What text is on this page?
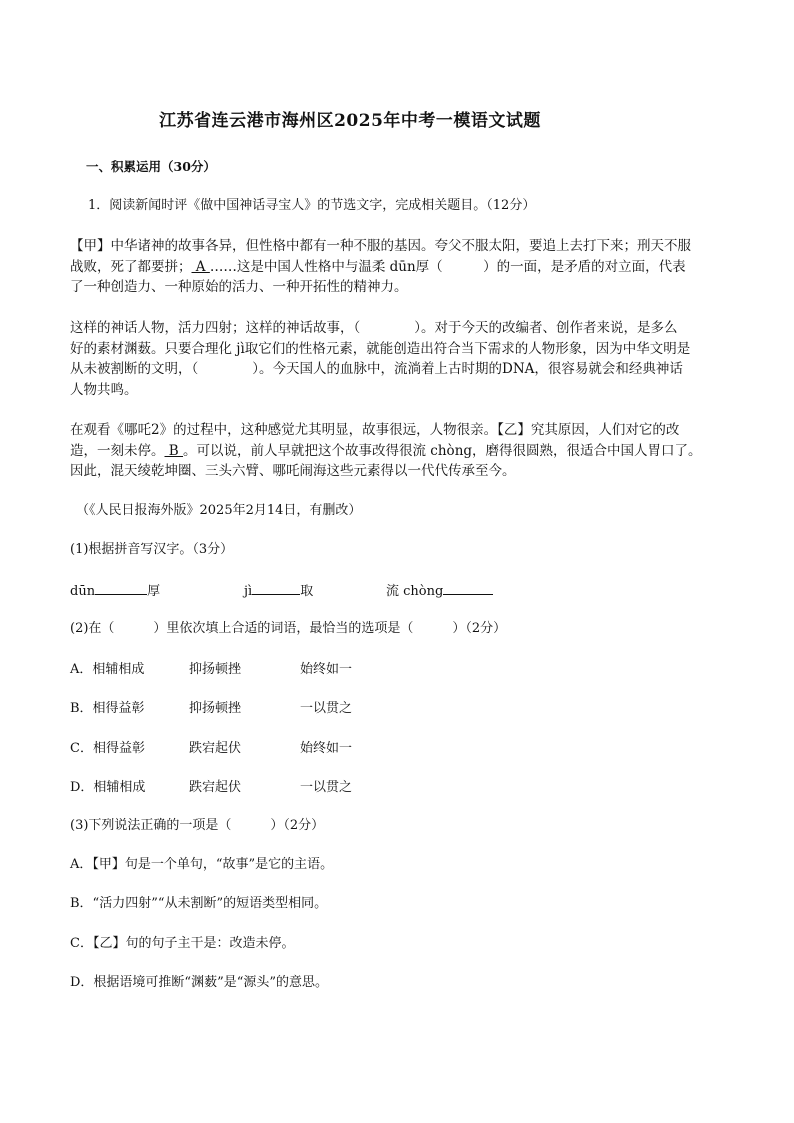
江苏省连云港市海州区2025年中考一模语文试题
一、积累运用（30分）
1．阅读新闻时评《做中国神话寻宝人》的节选文字，完成相关题目。（12分）
【甲】中华诸神的故事各异，但性格中都有一种不服的基因。夸父不服太阳，要追上去打下来；刑天不服
战败，死了都要拼； A ……这是中国人性格中与温柔 dūn厚（　　　）的一面，是矛盾的对立面，代表
了一种创造力、一种原始的活力、一种开拓性的精神力。
这样的神话人物，活力四射；这样的神话故事，（　　　　）。对于今天的改编者、创作者来说，是多么
好的素材渊薮。只要合理化 jì取它们的性格元素，就能创造出符合当下需求的人物形象，因为中华文明是
从未被割断的文明，（　　　　）。今天国人的血脉中，流淌着上古时期的DNA，很容易就会和经典神话
人物共鸣。
在观看《哪吒2》的过程中，这种感觉尤其明显，故事很远，人物很亲。【乙】究其原因，人们对它的改
造，一刻未停。 B 。可以说，前人早就把这个故事改得很流 chòng，磨得很圆熟，很适合中国人胃口了。
因此，混天绫乾坤圈、三头六臂、哪吒闹海这些元素得以一代代传承至今。
（《人民日报海外版》2025年2月14日，有删改）
(1)根据拼音写汉字。（3分）
dūn	厚	jì	取	流 chòng
(2)在（　　　）里依次填上合适的词语，最恰当的选项是（　　　）（2分）
A．相辅相成	抑扬顿挫	始终如一
B．相得益彰	抑扬顿挫	一以贯之
C．相得益彰	跌宕起伏	始终如一
D．相辅相成	跌宕起伏	一以贯之
(3)下列说法正确的一项是（　　　）（2分）
A．【甲】句是一个单句，“故事”是它的主语。
B．“活力四射”“从未割断”的短语类型相同。
C．【乙】句的句子主干是：改造未停。
D．根据语境可推断“渊薮”是“源头”的意思。
